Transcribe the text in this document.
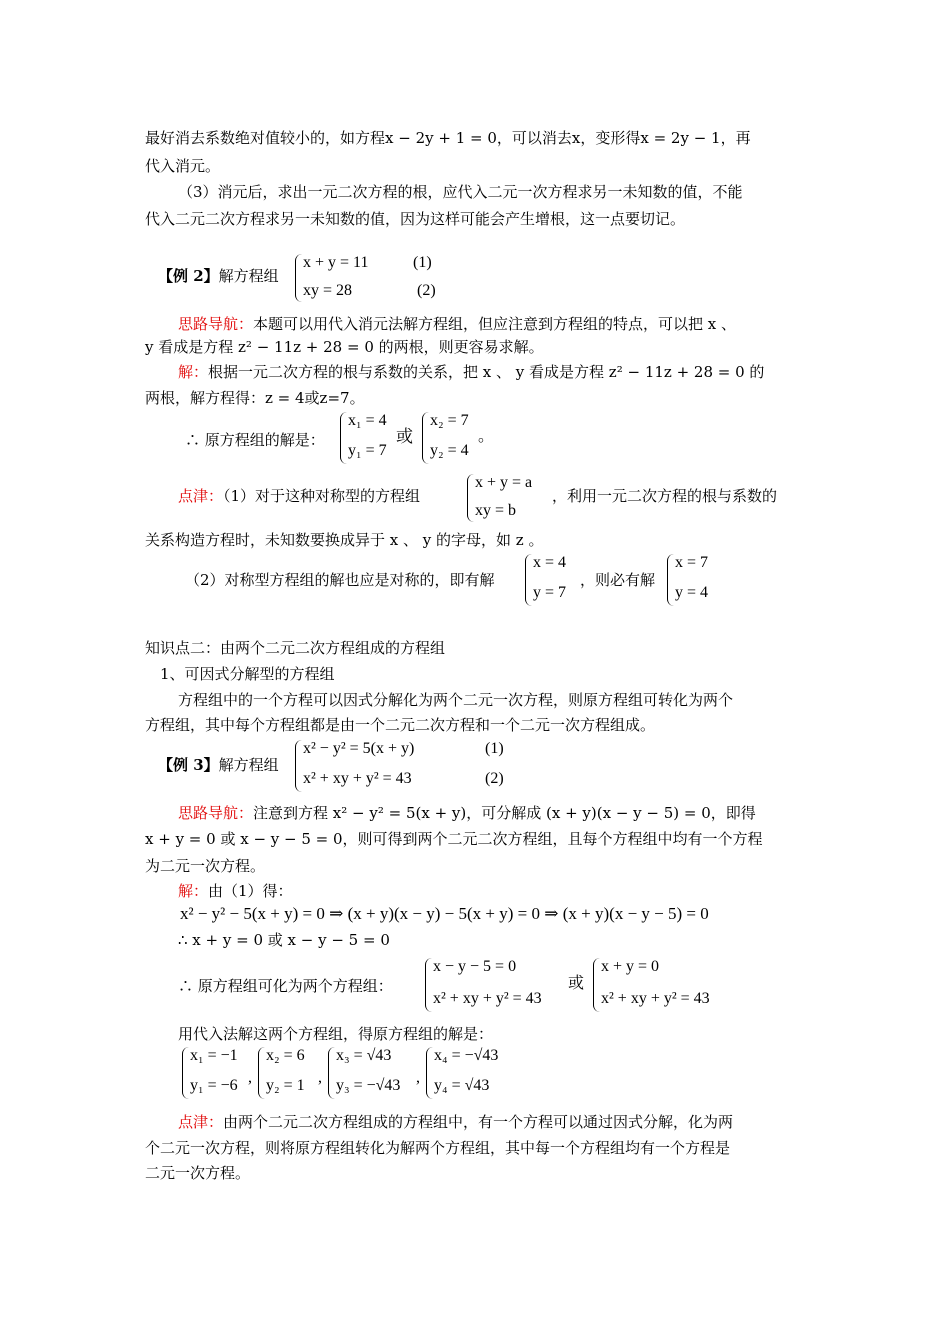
最好消去系数绝对值较小的，如方程x − 2y + 1 = 0，可以消去x，变形得x = 2y − 1，再
代入消元。
（3）消元后，求出一元二次方程的根，应代入二元一次方程求另一未知数的值，不能
代入二元二次方程求另一未知数的值，因为这样可能会产生增根，这一点要切记。
【例 2】解方程组
x + y = 11	(1)
xy = 28	(2)
思路导航：本题可以用代入消元法解方程组，但应注意到方程组的特点，可以把 x 、
y 看成是方程 z² − 11z + 28 = 0 的两根，则更容易求解。
解：根据一元二次方程的根与系数的关系，把 x 、 y 看成是方程 z² − 11z + 28 = 0 的
两根，解方程得：z = 4或z=7。
∴ 原方程组的解是：
x₁ = 4
y₁ = 7
或
x₂ = 7
y₂ = 4
。
点津：（1）对于这种对称型的方程组
x + y = a
xy = b
，利用一元二次方程的根与系数的
关系构造方程时，未知数要换成异于 x 、 y 的字母，如 z 。
（2）对称型方程组的解也应是对称的，即有解
x = 4
y = 7
，则必有解
x = 7
y = 4
知识点二：由两个二元二次方程组成的方程组
1、可因式分解型的方程组
方程组中的一个方程可以因式分解化为两个二元一次方程，则原方程组可转化为两个
方程组，其中每个方程组都是由一个二元二次方程和一个二元一次方程组成。
【例 3】解方程组
x² − y² = 5(x + y)	(1)
x² + xy + y² = 43	(2)
思路导航：注意到方程 x² − y² = 5(x + y)，可分解成 (x + y)(x − y − 5) = 0，即得
x + y = 0 或 x − y − 5 = 0，则可得到两个二元二次方程组，且每个方程组中均有一个方程
为二元一次方程。
解：由（1）得：
x² − y² − 5(x + y) = 0 ⇒ (x + y)(x − y) − 5(x + y) = 0 ⇒ (x + y)(x − y − 5) = 0
∴ x + y = 0 或 x − y − 5 = 0
∴ 原方程组可化为两个方程组：
x − y − 5 = 0
x² + xy + y² = 43
或
x + y = 0
x² + xy + y² = 43
用代入法解这两个方程组，得原方程组的解是：
x₁ = −1
y₁ = −6 ,
x₂ = 6
y₂ = 1 ,
x₃ = √43
y₃ = −√43 ,
x₄ = −√43
y₄ = √43
点津：由两个二元二次方程组成的方程组中，有一个方程可以通过因式分解，化为两
个二元一次方程，则将原方程组转化为解两个方程组，其中每一个方程组均有一个方程是
二元一次方程。
